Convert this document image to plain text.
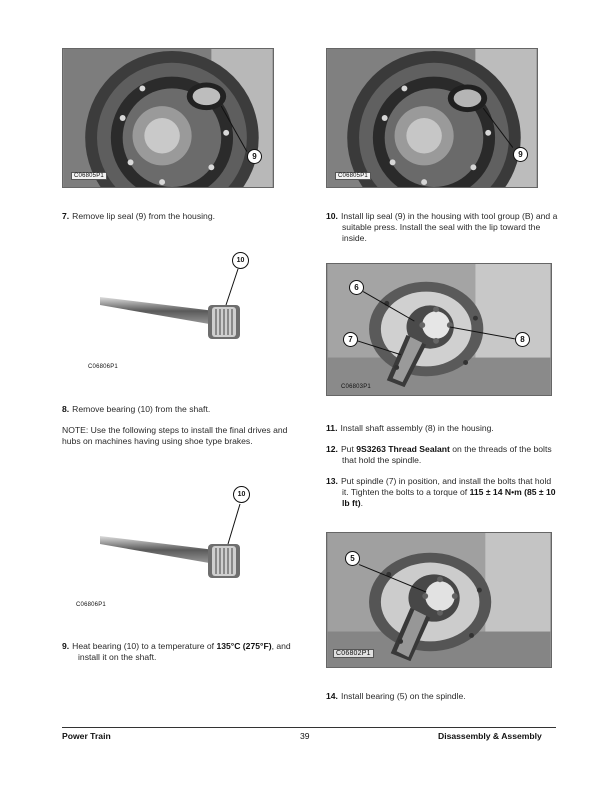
9
C06805P1
9
C06805P1
7. Remove lip seal (9) from the housing.	10. Install lip seal (9) in the housing with tool group (B) and a suitable press. Install the seal with the lip toward the inside.
10
C06806P1
8. Remove bearing (10) from the shaft.
NOTE: Use the following steps to install the final drives and hubs on machines having using shoe type brakes.
10
C06806P1
9. Heat bearing (10) to a temperature of 135°C (275°F), and install it on the shaft.
6
7	8
C06803P1
11. Install shaft assembly (8) in the housing.
12. Put 9S3263 Thread Sealant on the threads of the bolts that hold the spindle.
13. Put spindle (7) in position, and install the bolts that hold it. Tighten the bolts to a torque of 115 ± 14 N•m (85 ± 10 lb ft).
5
C06802P1
14. Install bearing (5) on the spindle.
Power Train	39	Disassembly & Assembly
